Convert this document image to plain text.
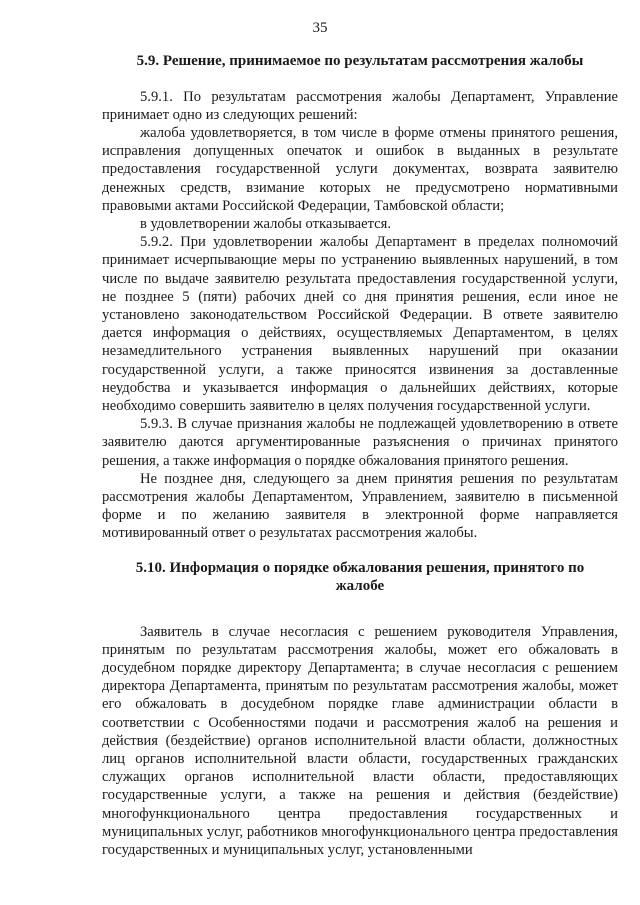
35
5.9. Решение, принимаемое по результатам рассмотрения жалобы

5.9.1. По результатам рассмотрения жалобы Департамент, Управление принимает одно из следующих решений:

жалоба удовлетворяется, в том числе в форме отмены принятого решения, исправления допущенных опечаток и ошибок в выданных в результате предоставления государственной услуги документах, возврата заявителю денежных средств, взимание которых не предусмотрено нормативными правовыми актами Российской Федерации, Тамбовской области;

в удовлетворении жалобы отказывается.

5.9.2. При удовлетворении жалобы Департамент в пределах полномочий принимает исчерпывающие меры по устранению выявленных нарушений, в том числе по выдаче заявителю результата предоставления государственной услуги, не позднее 5 (пяти) рабочих дней со дня принятия решения, если иное не установлено законодательством Российской Федерации. В ответе заявителю дается информация о действиях, осуществляемых Департаментом, в целях незамедлительного устранения выявленных нарушений при оказании государственной услуги, а также приносятся извинения за доставленные неудобства и указывается информация о дальнейших действиях, которые необходимо совершить заявителю в целях получения государственной услуги.

5.9.3. В случае признания жалобы не подлежащей удовлетворению в ответе заявителю даются аргументированные разъяснения о причинах принятого решения, а также информация о порядке обжалования принятого решения.

Не позднее дня, следующего за днем принятия решения по результатам рассмотрения жалобы Департаментом, Управлением, заявителю в письменной форме и по желанию заявителя в электронной форме направляется мотивированный ответ о результатах рассмотрения жалобы.

5.10. Информация о порядке обжалования решения, принятого по жалобе

Заявитель в случае несогласия с решением руководителя Управления, принятым по результатам рассмотрения жалобы, может его обжаловать в досудебном порядке директору Департамента; в случае несогласия с решением директора Департамента, принятым по результатам рассмотрения жалобы, может его обжаловать в досудебном порядке главе администрации области в соответствии с Особенностями подачи и рассмотрения жалоб на решения и действия (бездействие) органов исполнительной власти области, должностных лиц органов исполнительной власти области, государственных гражданских служащих органов исполнительной власти области, предоставляющих государственные услуги, а также на решения и действия (бездействие) многофункционального центра предоставления государственных и муниципальных услуг, работников многофункционального центра предоставления государственных и муниципальных услуг, установленными
